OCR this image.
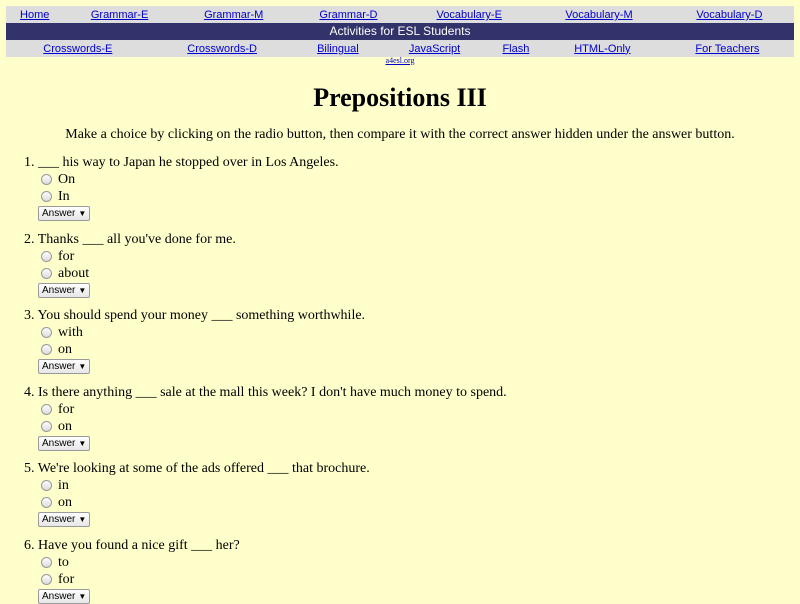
Home	Grammar-E	Grammar-M	Grammar-D	Vocabulary-E	Vocabulary-M	Vocabulary-D
Activities for ESL Students
Crosswords-E	Crosswords-D	Bilingual	JavaScript	Flash	HTML-Only	For Teachers
a4esl.org
Prepositions III
Make a choice by clicking on the radio button, then compare it with the correct answer hidden under the answer button.
1. ___ his way to Japan he stopped over in Los Angeles.
On
In
Answer ▼
2. Thanks ___ all you've done for me.
for
about
Answer ▼
3. You should spend your money ___ something worthwhile.
with
on
Answer ▼
4. Is there anything ___ sale at the mall this week? I don't have much money to spend.
for
on
Answer ▼
5. We're looking at some of the ads offered ___ that brochure.
in
on
Answer ▼
6. Have you found a nice gift ___ her?
to
for
Answer ▼
